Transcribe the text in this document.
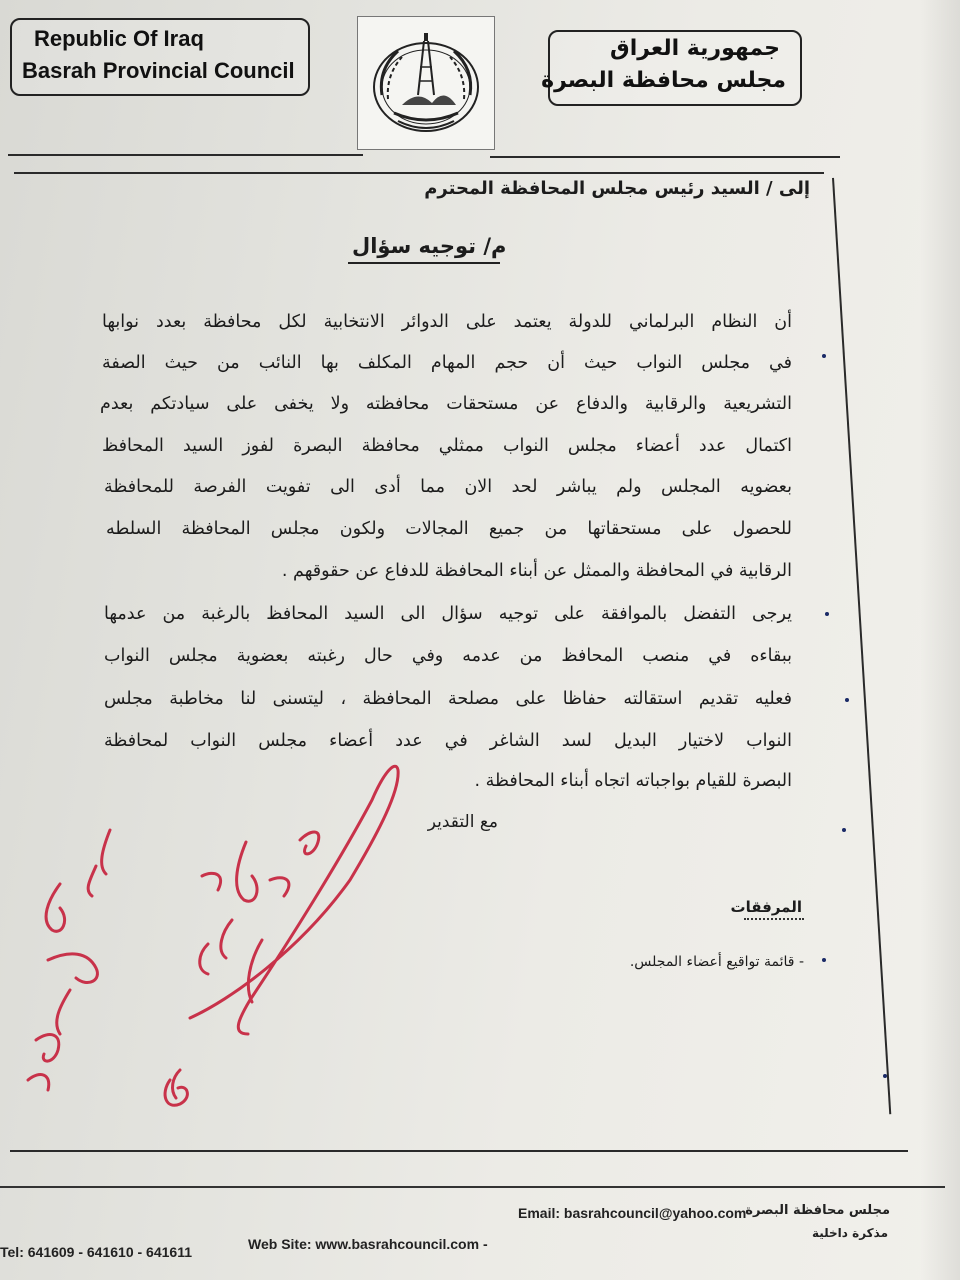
Republic Of Iraq
Basrah Provincial Council
جمهورية العراق
مجلس محافظة البصرة
إلى / السيد رئيس مجلس المحافظة المحترم
م/ توجيه سؤال
أن النظام البرلماني للدولة يعتمد على الدوائر الانتخابية لكل محافظة بعدد نوابها
في مجلس النواب حيث أن حجم المهام المكلف بها النائب من حيث الصفة
التشريعية والرقابية والدفاع عن مستحقات محافظته ولا يخفى على سيادتكم بعدم
اكتمال عدد أعضاء مجلس النواب ممثلي محافظة البصرة لفوز السيد المحافظ
بعضويه المجلس ولم يباشر لحد الان مما أدى الى تفويت الفرصة للمحافظة
للحصول على مستحقاتها من جميع المجالات ولكون مجلس المحافظة السلطه
الرقابية في المحافظة والممثل عن أبناء المحافظة للدفاع عن حقوقهم .
يرجى التفضل بالموافقة على توجيه سؤال الى السيد المحافظ بالرغبة من عدمها
ببقاءه في منصب المحافظ من عدمه وفي حال رغبته بعضوية مجلس النواب
فعليه تقديم استقالته حفاظا على مصلحة المحافظة ، ليتسنى لنا مخاطبة مجلس
النواب لاختيار البديل لسد الشاغر في عدد أعضاء مجلس النواب لمحافظة
البصرة للقيام بواجباته اتجاه أبناء المحافظة .
مع التقدير
المرفقات
- قائمة تواقيع أعضاء المجلس.
Email: basrahcouncil@yahoo.com
Web Site: www.basrahcouncil.com -
Tel: 641609 - 641610 - 641611
مجلس محافظة البصرة
مذكرة داخلية
